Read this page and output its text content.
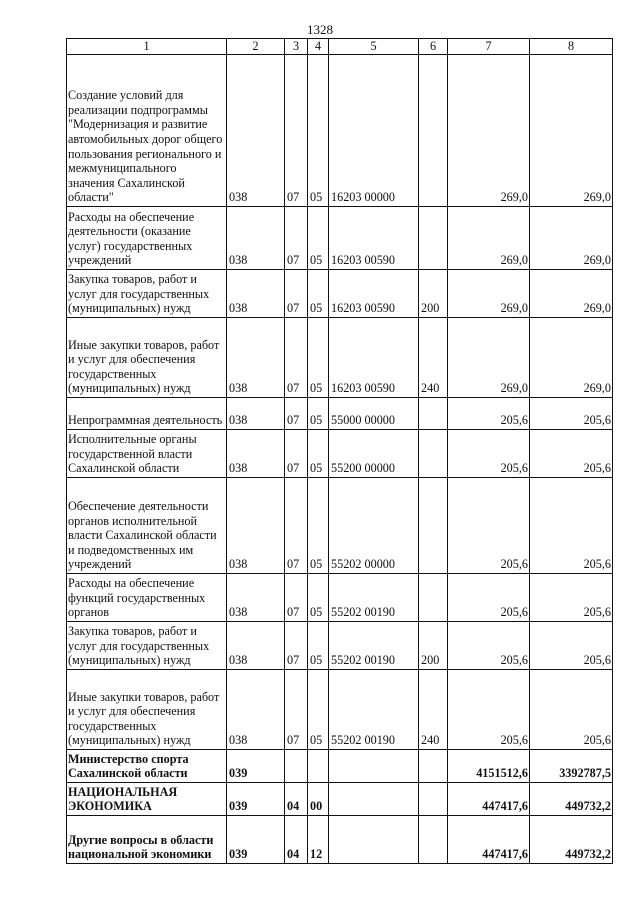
1328
1	2	3	4	5	6	7	8
Создание условий для реализации подпрограммы "Модернизация и развитие автомобильных дорог общего пользования регионального и межмуниципального значения Сахалинской области"	038	07	05	16203 00000		269,0	269,0
Расходы на обеспечение деятельности (оказание услуг) государственных учреждений	038	07	05	16203 00590		269,0	269,0
Закупка товаров, работ и услуг для государственных (муниципальных) нужд	038	07	05	16203 00590	200	269,0	269,0
Иные закупки товаров, работ и услуг для обеспечения государственных (муниципальных) нужд	038	07	05	16203 00590	240	269,0	269,0
Непрограммная деятельность	038	07	05	55000 00000		205,6	205,6
Исполнительные органы государственной власти Сахалинской области	038	07	05	55200 00000		205,6	205,6
Обеспечение деятельности органов исполнительной власти Сахалинской области и подведомственных им учреждений	038	07	05	55202 00000		205,6	205,6
Расходы на обеспечение функций государственных органов	038	07	05	55202 00190		205,6	205,6
Закупка товаров, работ и услуг для государственных (муниципальных) нужд	038	07	05	55202 00190	200	205,6	205,6
Иные закупки товаров, работ и услуг для обеспечения государственных (муниципальных) нужд	038	07	05	55202 00190	240	205,6	205,6
Министерство спорта Сахалинской области	039					4151512,6	3392787,5
НАЦИОНАЛЬНАЯ ЭКОНОМИКА	039	04	00			447417,6	449732,2
Другие вопросы в области национальной экономики	039	04	12			447417,6	449732,2
